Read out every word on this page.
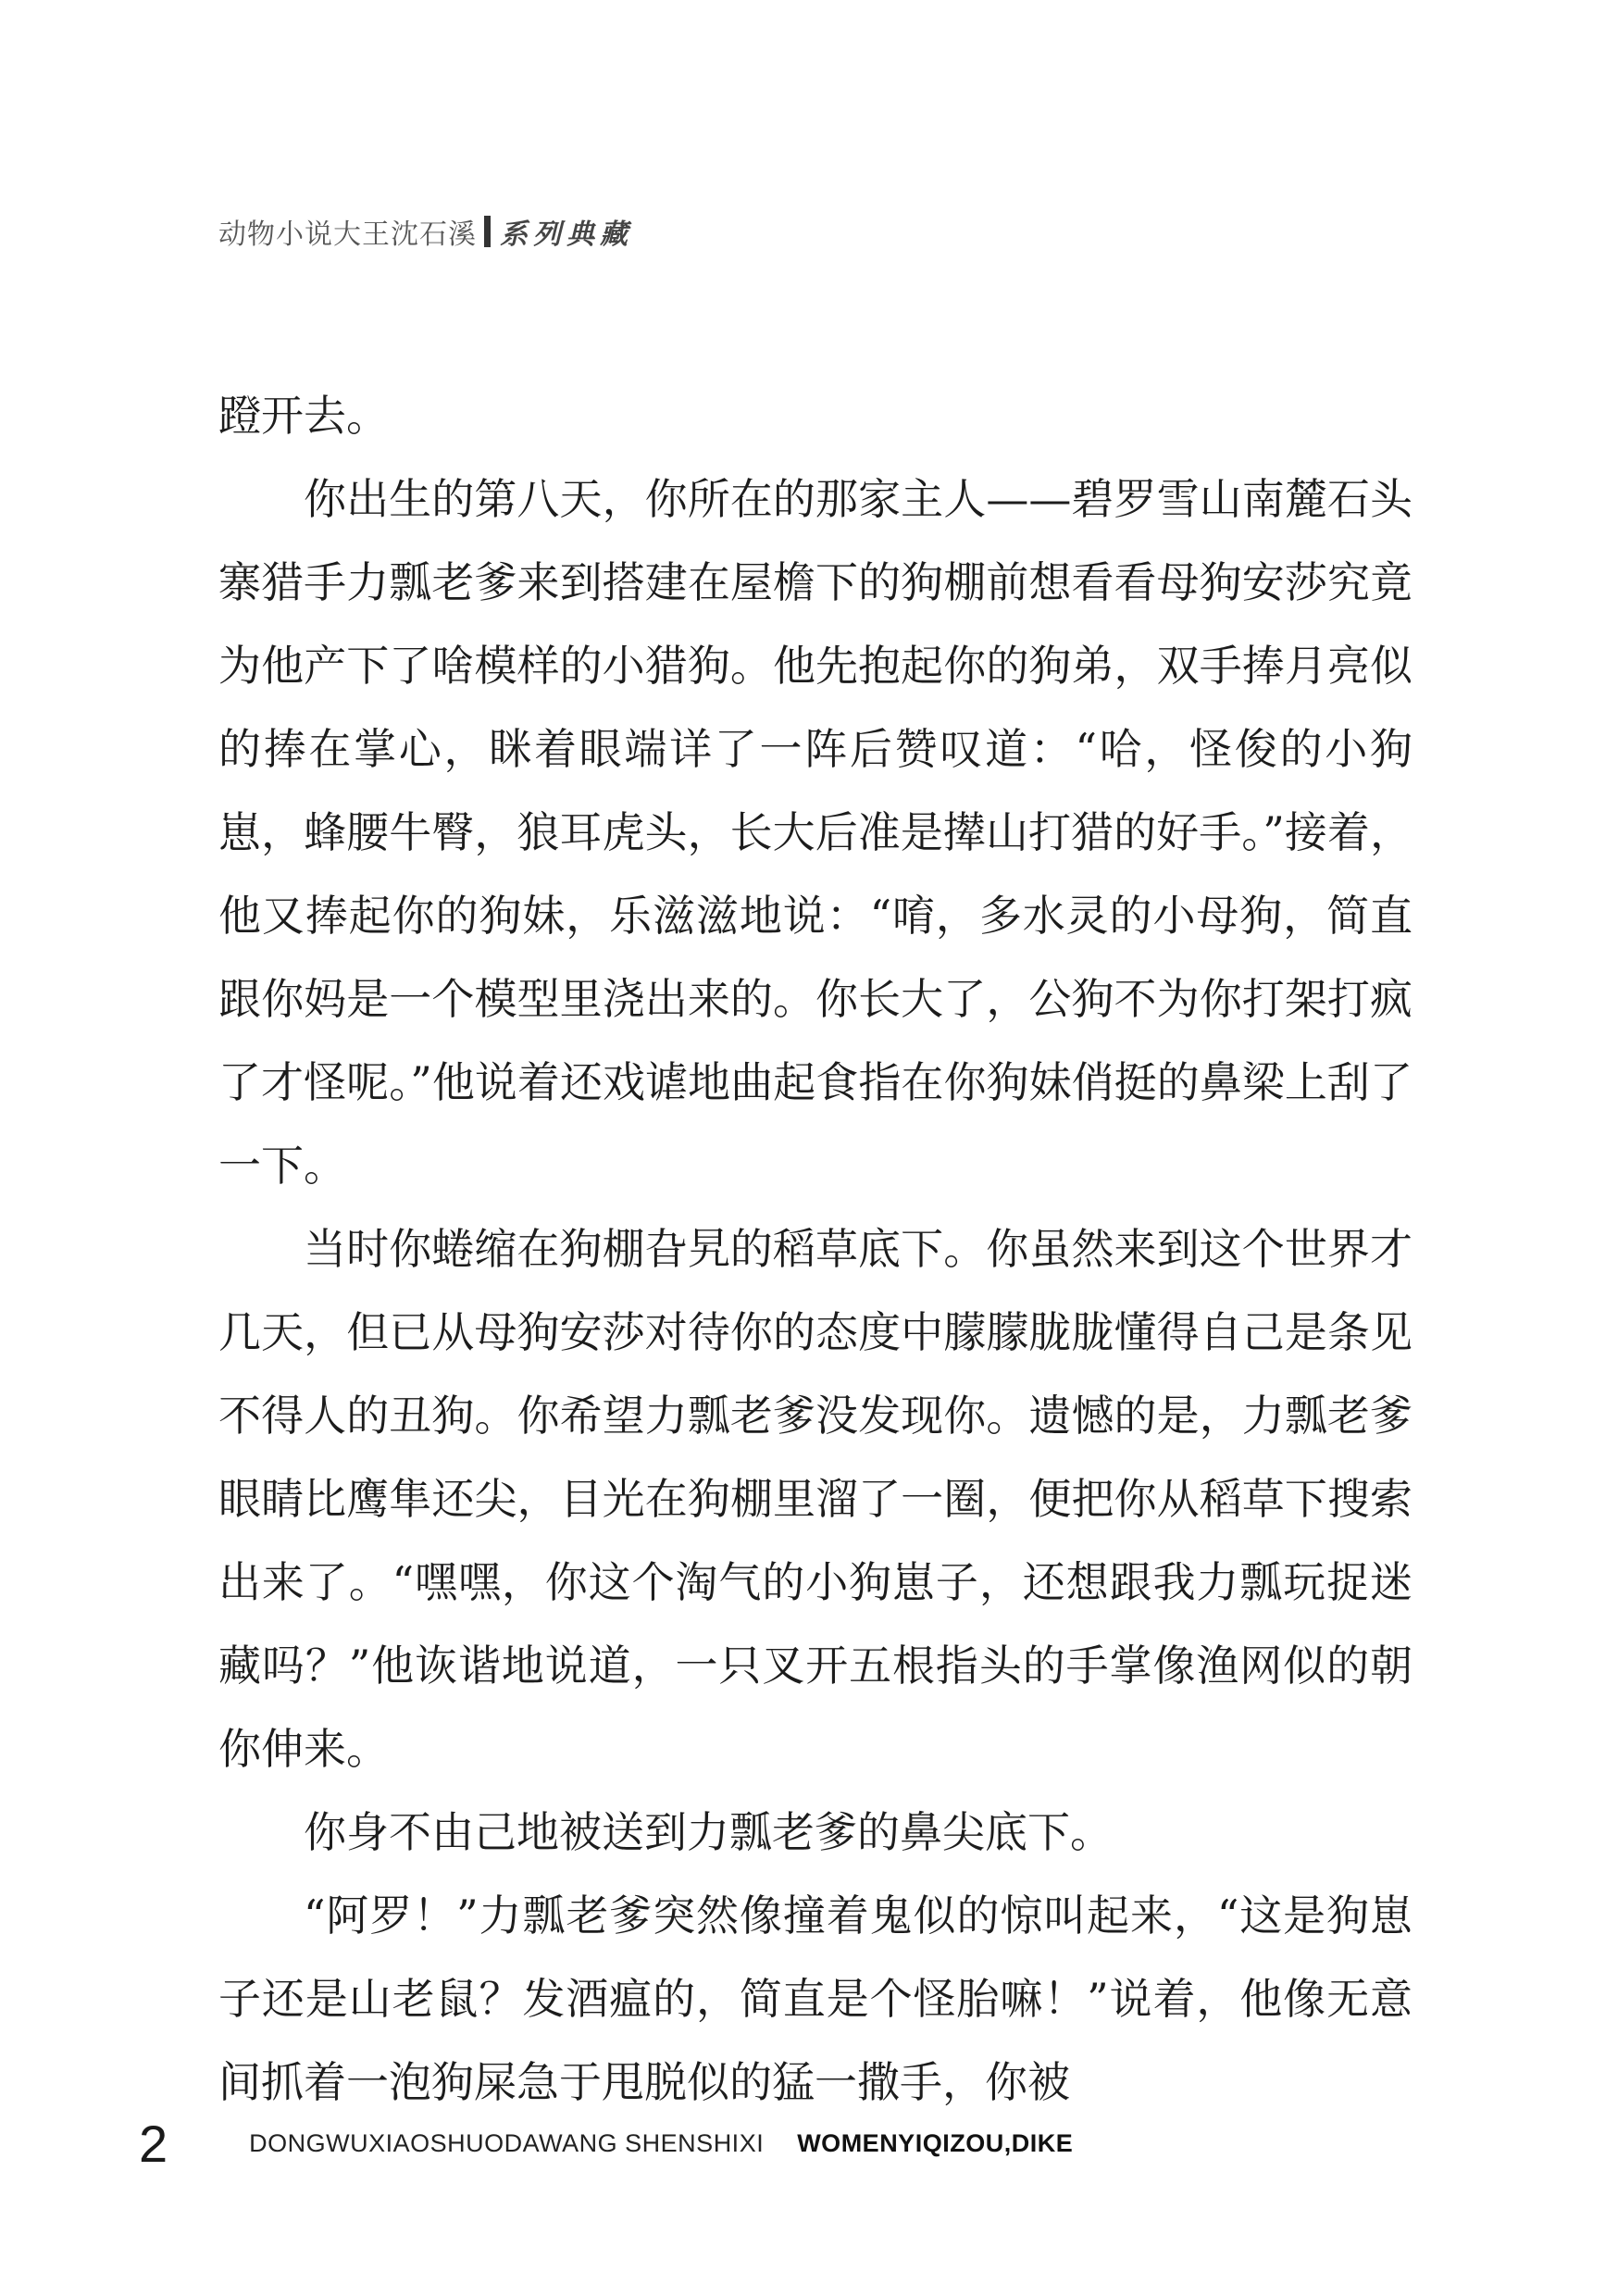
动物小说大王沈石溪 系列典藏

蹬开去。

你出生的第八天，你所在的那家主人——碧罗雪山南麓石头寨猎手力瓢老爹来到搭建在屋檐下的狗棚前想看看母狗安莎究竟为他产下了啥模样的小猎狗。他先抱起你的狗弟，双手捧月亮似的捧在掌心，眯着眼端详了一阵后赞叹道：“哈，怪俊的小狗崽，蜂腰牛臀，狼耳虎头，长大后准是撵山打猎的好手。”接着，他又捧起你的狗妹，乐滋滋地说：“唷，多水灵的小母狗，简直跟你妈是一个模型里浇出来的。你长大了，公狗不为你打架打疯了才怪呢。”他说着还戏谑地曲起食指在你狗妹俏挺的鼻梁上刮了一下。

当时你蜷缩在狗棚旮旯的稻草底下。你虽然来到这个世界才几天，但已从母狗安莎对待你的态度中朦朦胧胧懂得自己是条见不得人的丑狗。你希望力瓢老爹没发现你。遗憾的是，力瓢老爹眼睛比鹰隼还尖，目光在狗棚里溜了一圈，便把你从稻草下搜索出来了。“嘿嘿，你这个淘气的小狗崽子，还想跟我力瓢玩捉迷藏吗？”他诙谐地说道，一只叉开五根指头的手掌像渔网似的朝你伸来。

你身不由己地被送到力瓢老爹的鼻尖底下。

“阿罗！”力瓢老爹突然像撞着鬼似的惊叫起来，“这是狗崽子还是山老鼠？发酒瘟的，简直是个怪胎嘛！”说着，他像无意间抓着一泡狗屎急于甩脱似的猛一撒手，你被

2	DONGWUXIAOSHUODAWANG SHENSHIXI WOMENYIQIZOU,DIKE
